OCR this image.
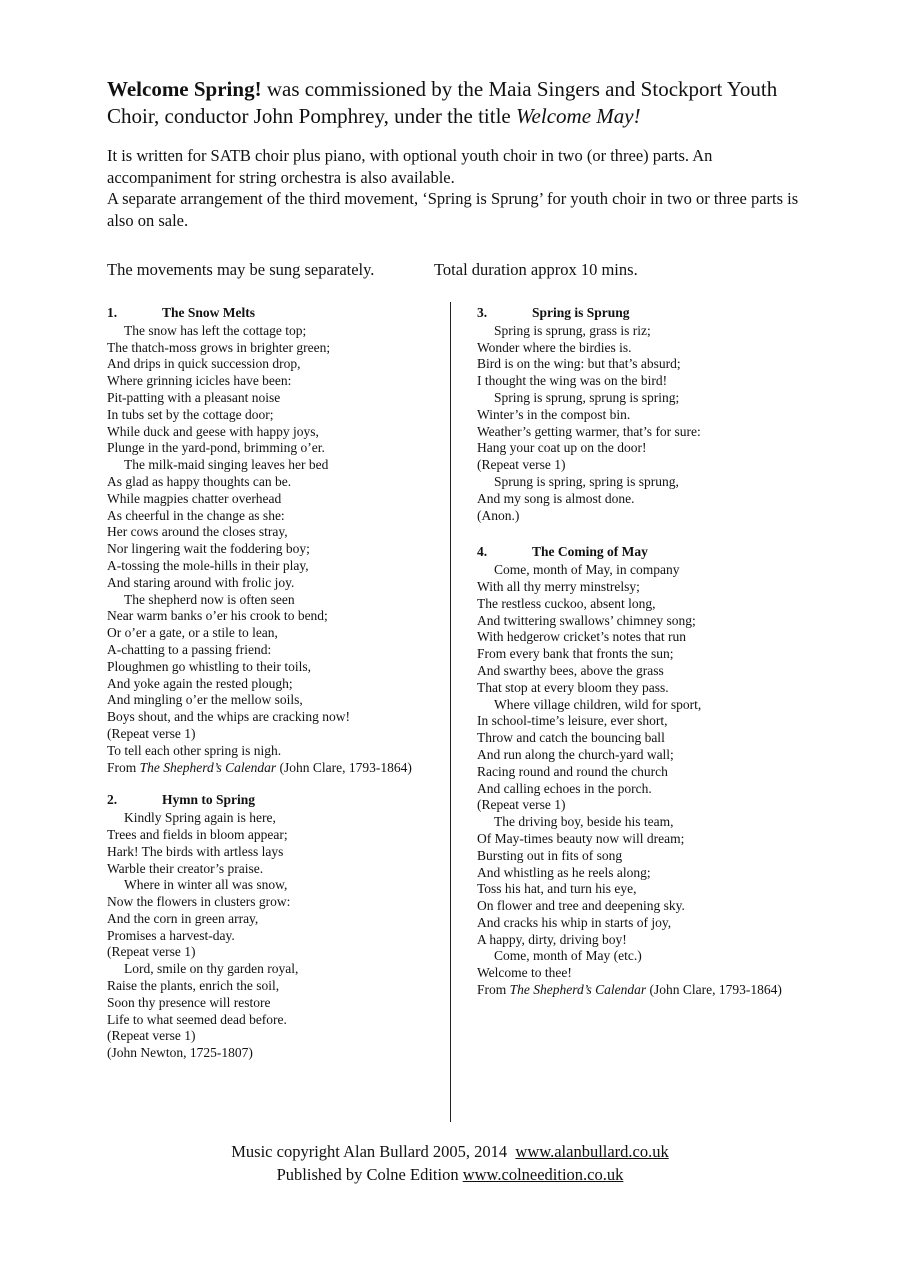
Welcome Spring! was commissioned by the Maia Singers and Stockport Youth Choir, conductor John Pomphrey, under the title Welcome May!

It is written for SATB choir plus piano, with optional youth choir in two (or three) parts. An accompaniment for string orchestra is also available.

A separate arrangement of the third movement, ‘Spring is Sprung’ for youth choir in two or three parts is also on sale.

The movements may be sung separately.	Total duration approx 10 mins.
1.	The Snow Melts
The snow has left the cottage top;
The thatch-moss grows in brighter green;
And drips in quick succession drop,
Where grinning icicles have been:
Pit-patting with a pleasant noise
In tubs set by the cottage door;
While duck and geese with happy joys,
Plunge in the yard-pond, brimming o’er.
The milk-maid singing leaves her bed
As glad as happy thoughts can be.
While magpies chatter overhead
As cheerful in the change as she:
Her cows around the closes stray,
Nor lingering wait the foddering boy;
A-tossing the mole-hills in their play,
And staring around with frolic joy.
The shepherd now is often seen
Near warm banks o’er his crook to bend;
Or o’er a gate, or a stile to lean,
A-chatting to a passing friend:
Ploughmen go whistling to their toils,
And yoke again the rested plough;
And mingling o’er the mellow soils,
Boys shout, and the whips are cracking now!
(Repeat verse 1)
To tell each other spring is nigh.
From The Shepherd’s Calendar (John Clare, 1793-1864)
2.	Hymn to Spring
Kindly Spring again is here,
Trees and fields in bloom appear;
Hark! The birds with artless lays
Warble their creator’s praise.
Where in winter all was snow,
Now the flowers in clusters grow:
And the corn in green array,
Promises a harvest-day.
(Repeat verse 1)
Lord, smile on thy garden royal,
Raise the plants, enrich the soil,
Soon thy presence will restore
Life to what seemed dead before.
(Repeat verse 1)
(John Newton, 1725-1807)
3.	Spring is Sprung
Spring is sprung, grass is riz;
Wonder where the birdies is.
Bird is on the wing: but that’s absurd;
I thought the wing was on the bird!
Spring is sprung, sprung is spring;
Winter’s in the compost bin.
Weather’s getting warmer, that’s for sure:
Hang your coat up on the door!
(Repeat verse 1)
Sprung is spring, spring is sprung,
And my song is almost done.
(Anon.)
4.	The Coming of May
Come, month of May, in company
With all thy merry minstrelsy;
The restless cuckoo, absent long,
And twittering swallows’ chimney song;
With hedgerow cricket’s notes that run
From every bank that fronts the sun;
And swarthy bees, above the grass
That stop at every bloom they pass.
Where village children, wild for sport,
In school-time’s leisure, ever short,
Throw and catch the bouncing ball
And run along the church-yard wall;
Racing round and round the church
And calling echoes in the porch.
(Repeat verse 1)
The driving boy, beside his team,
Of May-times beauty now will dream;
Bursting out in fits of song
And whistling as he reels along;
Toss his hat, and turn his eye,
On flower and tree and deepening sky.
And cracks his whip in starts of joy,
A happy, dirty, driving boy!
Come, month of May (etc.)
Welcome to thee!
From The Shepherd’s Calendar (John Clare, 1793-1864)
Music copyright Alan Bullard 2005, 2014 www.alanbullard.co.uk
Published by Colne Edition www.colneedition.co.uk
